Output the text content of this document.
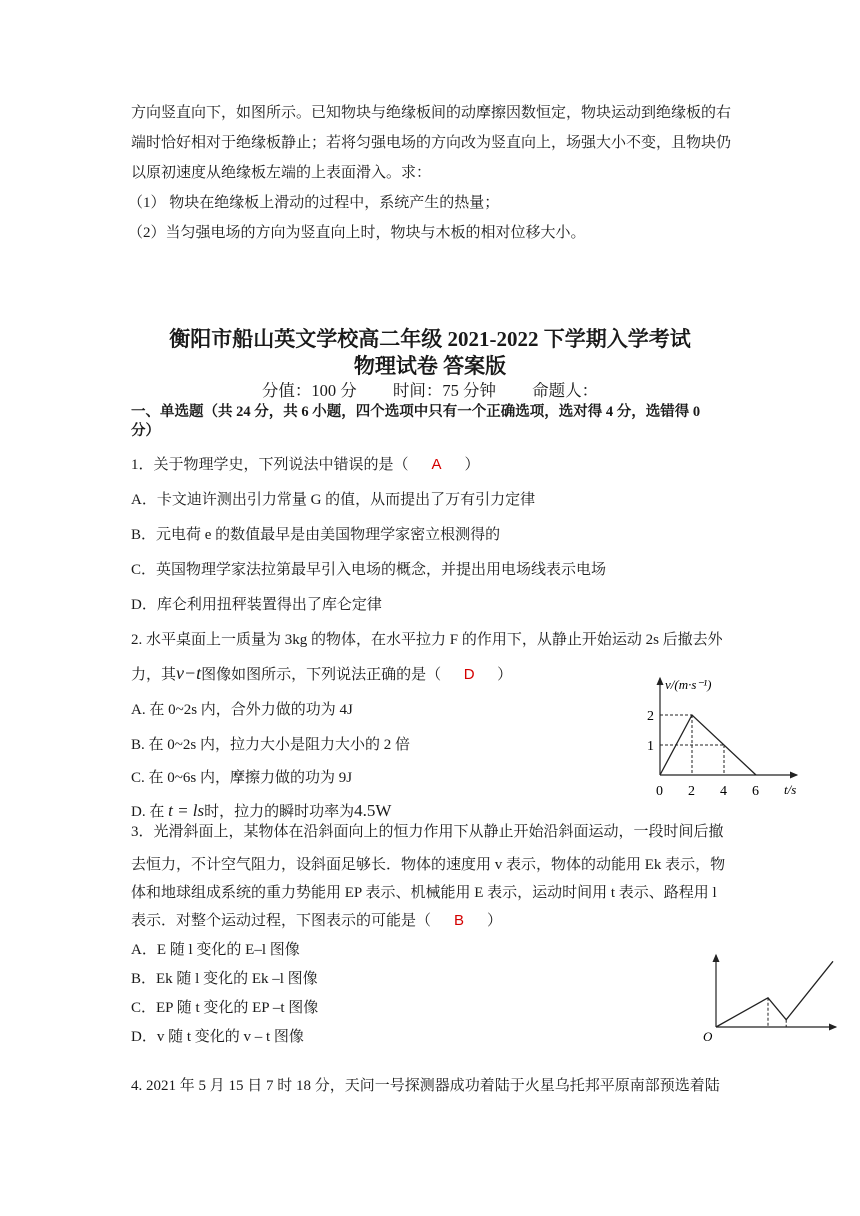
方向竖直向下，如图所示。已知物块与绝缘板间的动摩擦因数恒定，物块运动到绝缘板的右
端时恰好相对于绝缘板静止；若将匀强电场的方向改为竖直向上，场强大小不变，且物块仍
以原初速度从绝缘板左端的上表面滑入。求：
（1） 物块在绝缘板上滑动的过程中，系统产生的热量；
（2）当匀强电场的方向为竖直向上时，物块与木板的相对位移大小。
衡阳市船山英文学校高二年级 2021-2022 下学期入学考试
物理试卷 答案版
分值：100 分 时间：75 分钟 命题人：
一、单选题（共 24 分，共 6 小题，四个选项中只有一个正确选项，选对得 4 分，选错得 0
分）
1．关于物理学史，下列说法中错误的是（ A ）
A．卡文迪许测出引力常量 G 的值，从而提出了万有引力定律
B．元电荷 e 的数值最早是由美国物理学家密立根测得的
C．英国物理学家法拉第最早引入电场的概念，并提出用电场线表示电场
D．库仑利用扭秤装置得出了库仑定律
2. 水平桌面上一质量为 3kg 的物体，在水平拉力 F 的作用下，从静止开始运动 2s 后撤去外
力，其v−t图像如图所示，下列说法正确的是（ D ）
A. 在 0~2s 内，合外力做的功为 4J
B. 在 0~2s 内，拉力大小是阻力大小的 2 倍
C. 在 0~6s 内，摩擦力做的功为 9J
D. 在 t = ls时，拉力的瞬时功率为4.5W
v/(m·s⁻¹)
t/s
0 2 4 6
1
2
3．光滑斜面上，某物体在沿斜面向上的恒力作用下从静止开始沿斜面运动，一段时间后撤
去恒力，不计空气阻力，设斜面足够长．物体的速度用 v 表示，物体的动能用 Ek 表示，物
体和地球组成系统的重力势能用 EP 表示、机械能用 E 表示，运动时间用 t 表示、路程用 l
表示．对整个运动过程，下图表示的可能是（ B ）
A．E 随 l 变化的 E–l 图像
B．Ek 随 l 变化的 Ek –l 图像
C．EP 随 t 变化的 EP –t 图像
D．v 随 t 变化的 v – t 图像	O
4. 2021 年 5 月 15 日 7 时 18 分，天问一号探测器成功着陆于火星乌托邦平原南部预选着陆
